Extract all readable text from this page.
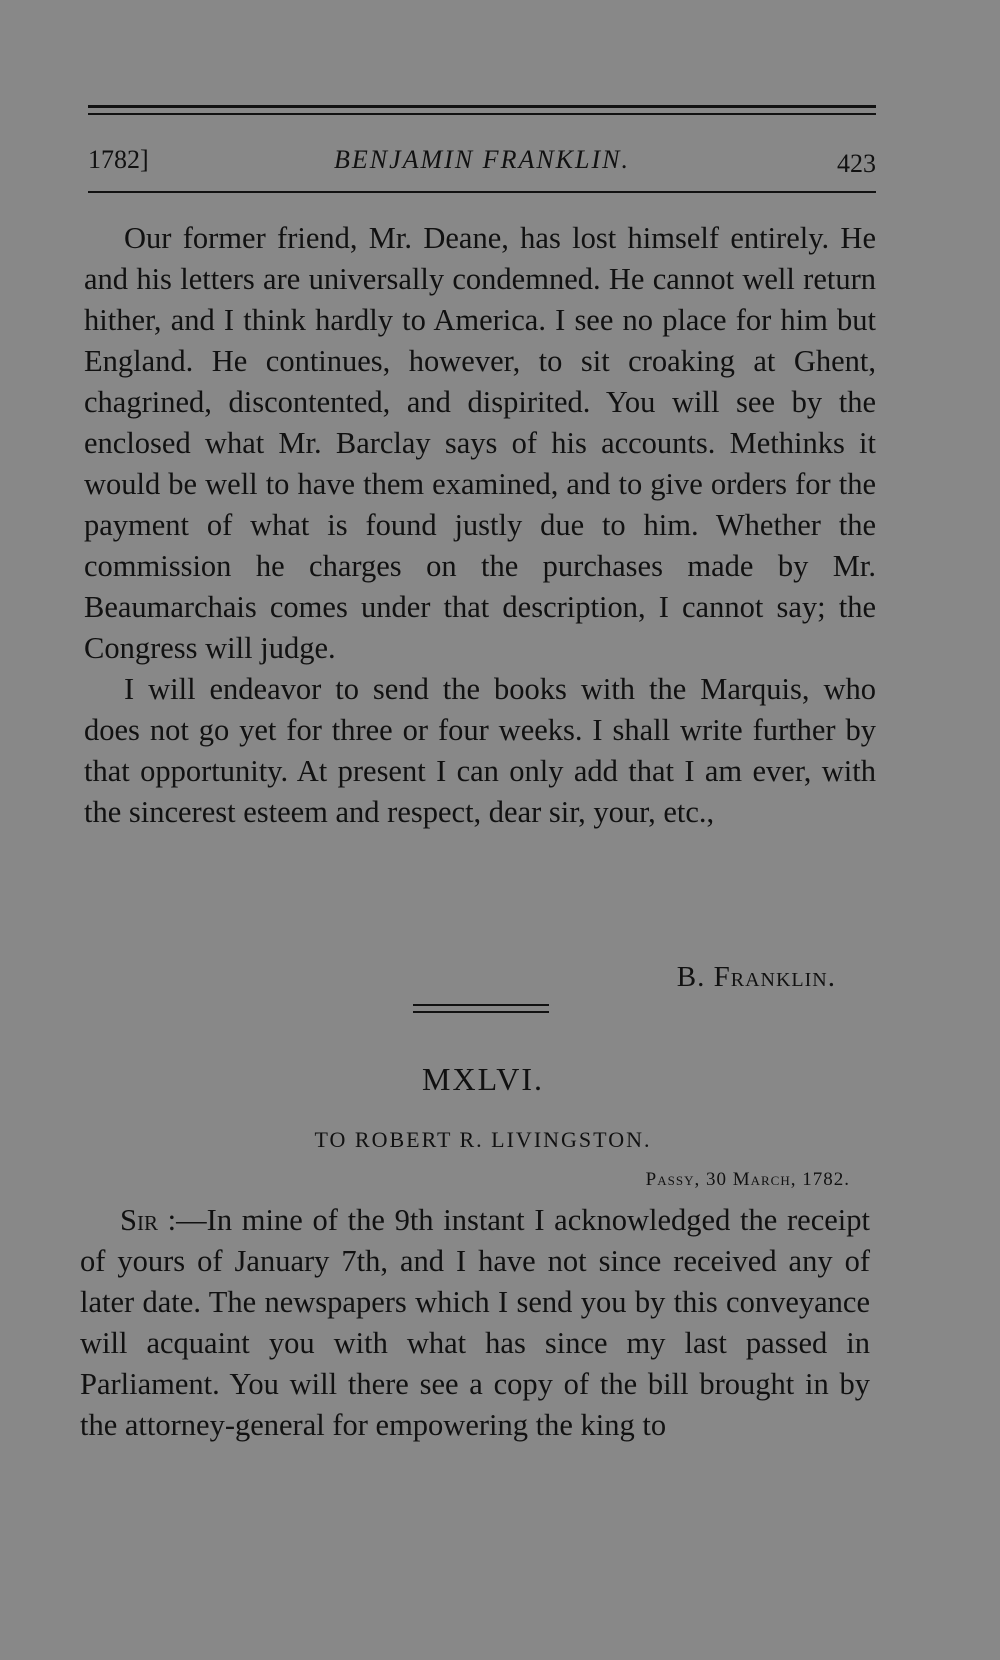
1782]	BENJAMIN FRANKLIN.	423

Our former friend, Mr. Deane, has lost himself entirely. He and his letters are universally condemned. He cannot well return hither, and I think hardly to America. I see no place for him but England. He continues, however, to sit croaking at Ghent, chagrined, discontented, and dispirited. You will see by the enclosed what Mr. Barclay says of his accounts. Methinks it would be well to have them examined, and to give orders for the payment of what is found justly due to him. Whether the commission he charges on the purchases made by Mr. Beaumarchais comes under that description, I cannot say; the Congress will judge.

I will endeavor to send the books with the Marquis, who does not go yet for three or four weeks. I shall write further by that opportunity. At present I can only add that I am ever, with the sincerest esteem and respect, dear sir, your, etc.,

B. Franklin.
MXLVI.
TO ROBERT R. LIVINGSTON.
Passy, 30 March, 1782.

Sir :—In mine of the 9th instant I acknowledged the receipt of yours of January 7th, and I have not since received any of later date. The newspapers which I send you by this conveyance will acquaint you with what has since my last passed in Parliament. You will there see a copy of the bill brought in by the attorney-general for empowering the king to
